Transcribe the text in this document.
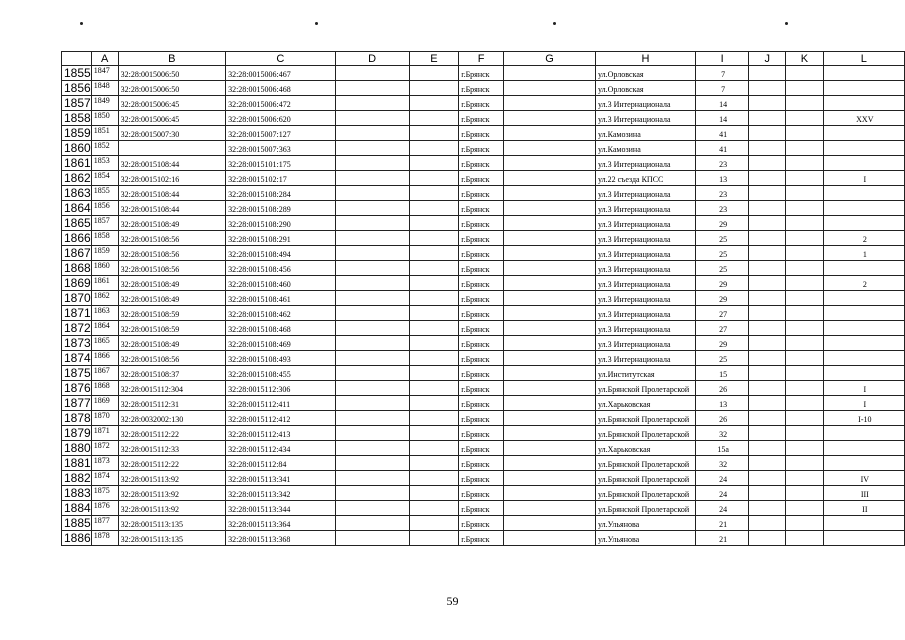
	A	B	C	D	E	F	G	H	I	J	K	L
1855	1847	32:28:0015006:50	32:28:0015006:467			г.Брянск		ул.Орловская	7			
1856	1848	32:28:0015006:50	32:28:0015006:468			г.Брянск		ул.Орловская	7			
1857	1849	32:28:0015006:45	32:28:0015006:472			г.Брянск		ул.3 Интернационала	14			
1858	1850	32:28:0015006:45	32:28:0015006:620			г.Брянск		ул.3 Интернационала	14			XXV
1859	1851	32:28:0015007:30	32:28:0015007:127			г.Брянск		ул.Камозина	41			
1860	1852		32:28:0015007:363			г.Брянск		ул.Камозина	41			
1861	1853	32:28:0015108:44	32:28:0015101:175			г.Брянск		ул.3 Интернационала	23			
1862	1854	32:28:0015102:16	32:28:0015102:17			г.Брянск		ул.22 съезда КПСС	13			I
1863	1855	32:28:0015108:44	32:28:0015108:284			г.Брянск		ул.3 Интернационала	23			
1864	1856	32:28:0015108:44	32:28:0015108:289			г.Брянск		ул.3 Интернационала	23			
1865	1857	32:28:0015108:49	32:28:0015108:290			г.Брянск		ул.3 Интернационала	29			
1866	1858	32:28:0015108:56	32:28:0015108:291			г.Брянск		ул.3 Интернационала	25			2
1867	1859	32:28:0015108:56	32:28:0015108:494			г.Брянск		ул.3 Интернационала	25			1
1868	1860	32:28:0015108:56	32:28:0015108:456			г.Брянск		ул.3 Интернационала	25			
1869	1861	32:28:0015108:49	32:28:0015108:460			г.Брянск		ул.3 Интернационала	29			2
1870	1862	32:28:0015108:49	32:28:0015108:461			г.Брянск		ул.3 Интернационала	29			
1871	1863	32:28:0015108:59	32:28:0015108:462			г.Брянск		ул.3 Интернационала	27			
1872	1864	32:28:0015108:59	32:28:0015108:468			г.Брянск		ул.3 Интернационала	27			
1873	1865	32:28:0015108:49	32:28:0015108:469			г.Брянск		ул.3 Интернационала	29			
1874	1866	32:28:0015108:56	32:28:0015108:493			г.Брянск		ул.3 Интернационала	25			
1875	1867	32:28:0015108:37	32:28:0015108:455			г.Брянск		ул.Институтская	15			
1876	1868	32:28:0015112:304	32:28:0015112:306			г.Брянск		ул.Брянской Пролетарской	26			I
1877	1869	32:28:0015112:31	32:28:0015112:411			г.Брянск		ул.Харьковская	13			I
1878	1870	32:28:0032002:130	32:28:0015112:412			г.Брянск		ул.Брянской Пролетарской	26			I-10
1879	1871	32:28:0015112:22	32:28:0015112:413			г.Брянск		ул.Брянской Пролетарской	32			
1880	1872	32:28:0015112:33	32:28:0015112:434			г.Брянск		ул.Харьковская	15а			
1881	1873	32:28:0015112:22	32:28:0015112:84			г.Брянск		ул.Брянской Пролетарской	32			
1882	1874	32:28:0015113:92	32:28:0015113:341			г.Брянск		ул.Брянской Пролетарской	24			IV
1883	1875	32:28:0015113:92	32:28:0015113:342			г.Брянск		ул.Брянской Пролетарской	24			III
1884	1876	32:28:0015113:92	32:28:0015113:344			г.Брянск		ул.Брянской Пролетарской	24			II
1885	1877	32:28:0015113:135	32:28:0015113:364			г.Брянск		ул.Ульянова	21			
1886	1878	32:28:0015113:135	32:28:0015113:368			г.Брянск		ул.Ульянова	21			
59
